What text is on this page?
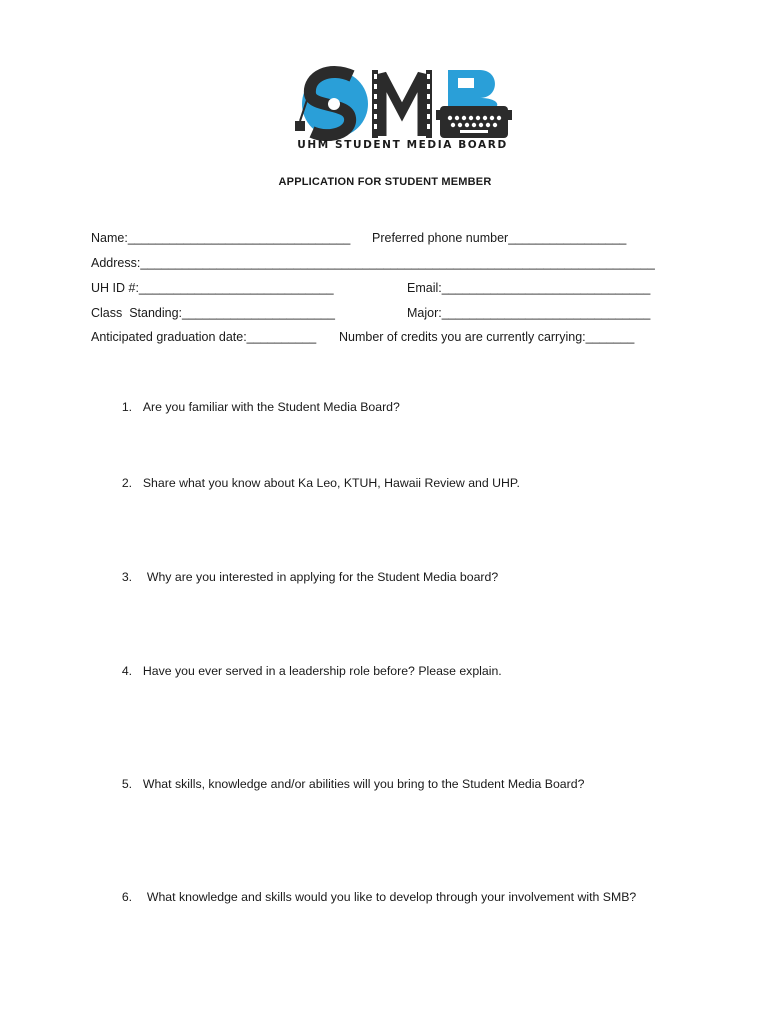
UHM STUDENT MEDIA BOARD
APPLICATION FOR STUDENT MEMBER
Name:________________________________ Preferred phone number_________________
Address:__________________________________________________________________________
UH ID #:____________________________	Email:______________________________
Class  Standing:______________________	Major:______________________________
Anticipated graduation date:__________ Number of credits you are currently carrying:_______

1. Are you familiar with the Student Media Board?

2. Share what you know about Ka Leo, KTUH, Hawaii Review and UHP.

3. Why are you interested in applying for the Student Media board?

4. Have you ever served in a leadership role before? Please explain.

5. What skills, knowledge and/or abilities will you bring to the Student Media Board?

6. What knowledge and skills would you like to develop through your involvement with SMB?
